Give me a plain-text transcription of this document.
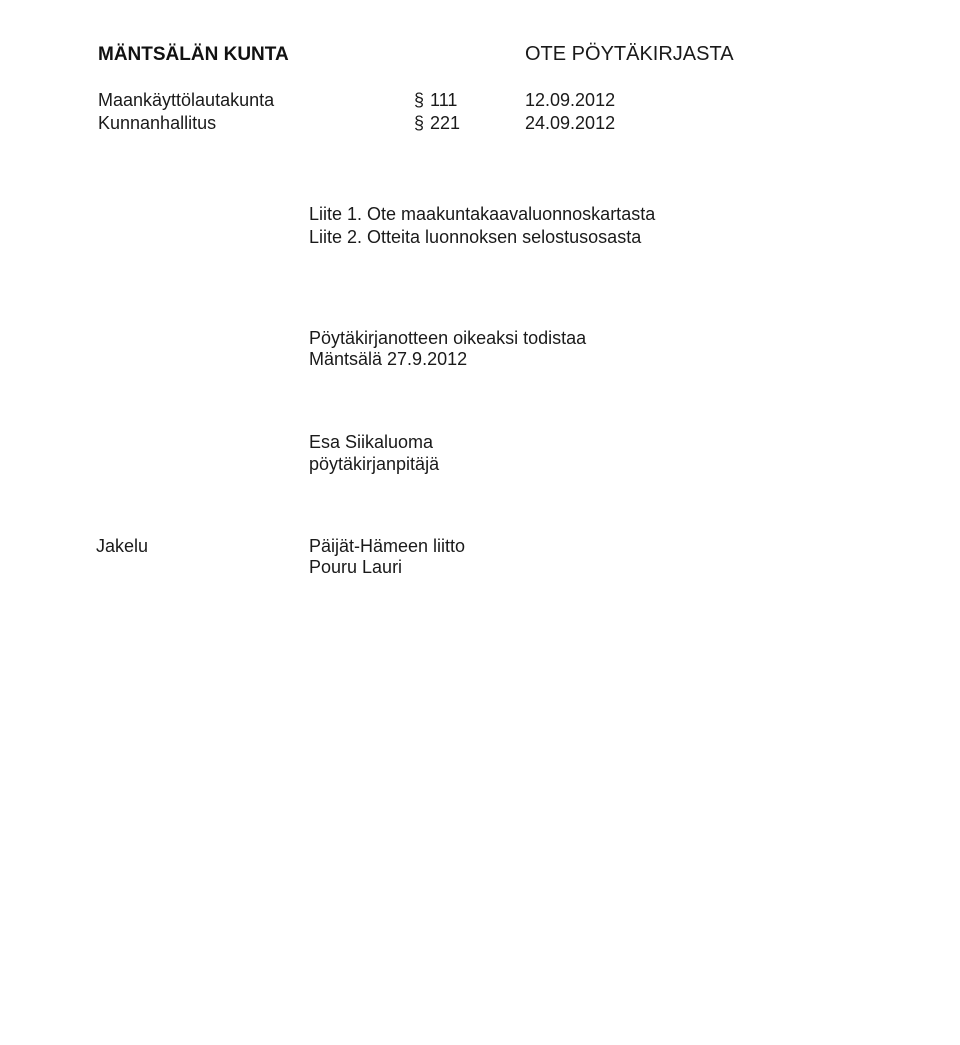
MÄNTSÄLÄN KUNTA	OTE PÖYTÄKIRJASTA
Maankäyttölautakunta	§ 111	12.09.2012
Kunnanhallitus	§ 221	24.09.2012
Liite 1. Ote maakuntakaavaluonnoskartasta
Liite 2. Otteita luonnoksen selostusosasta
Pöytäkirjanotteen oikeaksi todistaa
Mäntsälä 27.9.2012
Esa Siikaluoma
pöytäkirjanpitäjä
Jakelu	Päijät-Hämeen liitto
Pouru Lauri
